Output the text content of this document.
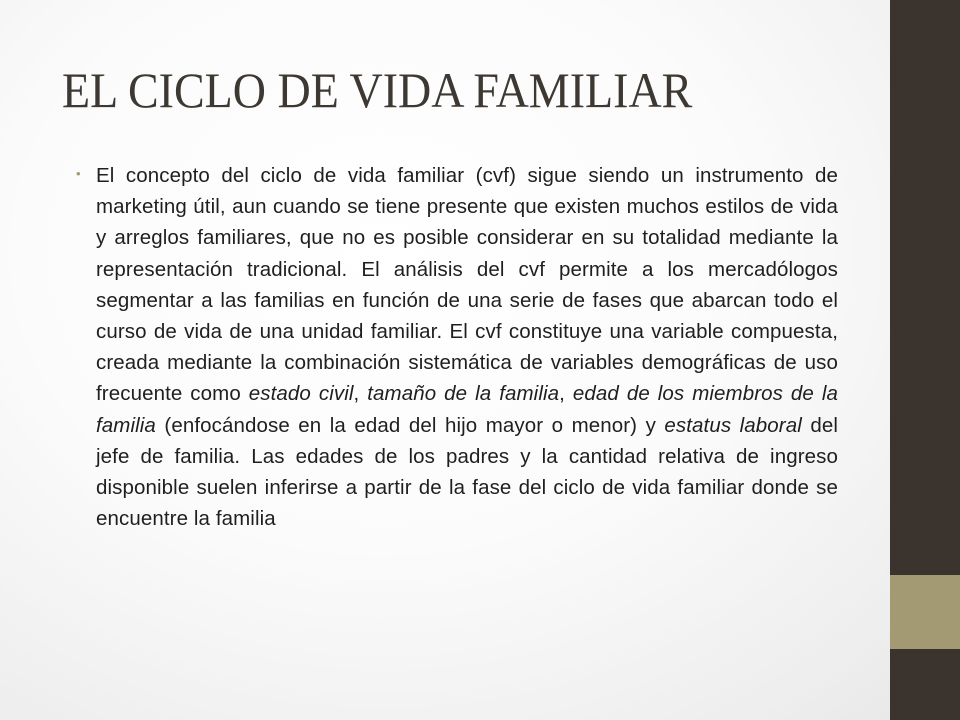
EL CICLO DE VIDA FAMILIAR
• El concepto del ciclo de vida familiar (cvf) sigue siendo un instrumento de marketing útil, aun cuando se tiene presente que existen muchos estilos de vida y arreglos familiares, que no es posible considerar en su totalidad mediante la representación tradicional. El análisis del cvf permite a los mercadólogos segmentar a las familias en función de una serie de fases que abarcan todo el curso de vida de una unidad familiar. El cvf constituye una variable compuesta, creada mediante la combinación sistemática de variables demográficas de uso frecuente como estado civil, tamaño de la familia, edad de los miembros de la familia (enfocándose en la edad del hijo mayor o menor) y estatus laboral del jefe de familia. Las edades de los padres y la cantidad relativa de ingreso disponible suelen inferirse a partir de la fase del ciclo de vida familiar donde se encuentre la familia
